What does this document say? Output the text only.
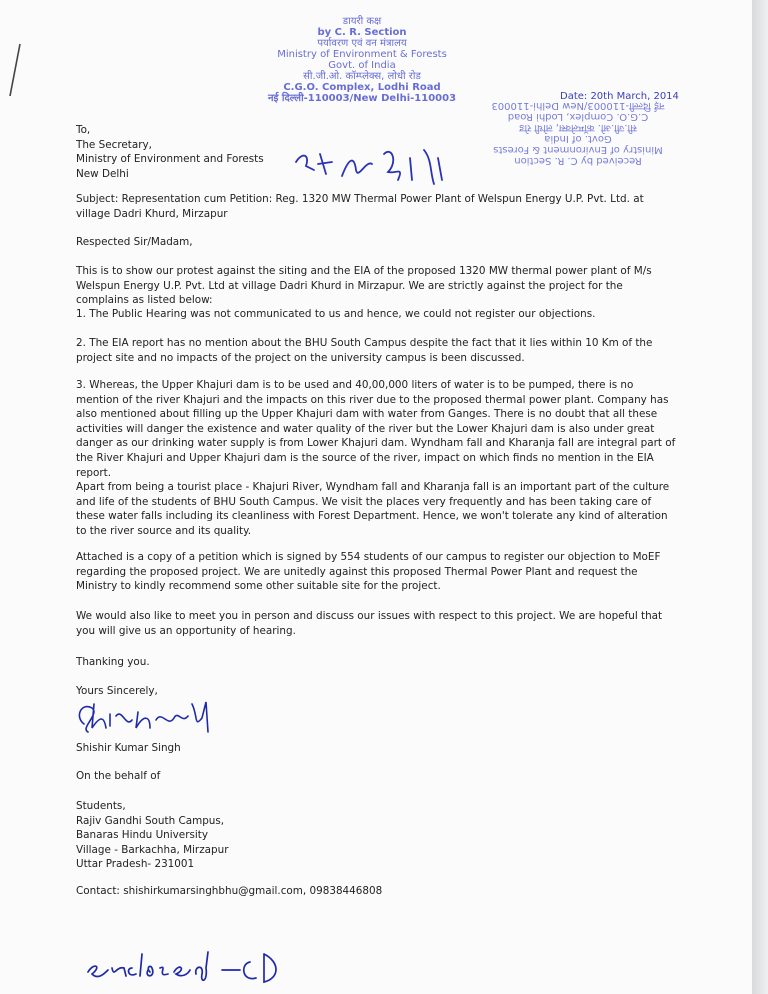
डायरी कक्ष
by C. R. Section
पर्यावरण एवं वन मंत्रालय
Ministry of Environment & Forests
Govt. of India
सी.जी.ओ. कॉम्प्लेक्स, लोधी रोड
C.G.O. Complex, Lodhi Road
नई दिल्ली-110003/New Delhi-110003	Date: 20th March, 2014
Received by C. R. Section
Ministry of Environment & Forests
Govt. of India
सी.जी.ओ. कॉम्प्लेक्स, लोधी रोड
C.G.O. Complex, Lodhi Road
नई दिल्ली-110003/New Delhi-110003

To,

The Secretary,

Ministry of Environment and Forests

New Delhi

Subject: Representation cum Petition: Reg. 1320 MW Thermal Power Plant of Welspun Energy U.P. Pvt. Ltd. at village Dadri Khurd, Mirzapur
Respected Sir/Madam,
This is to show our protest against the siting and the EIA of the proposed 1320 MW thermal power plant of M/s Welspun Energy U.P. Pvt. Ltd at village Dadri Khurd in Mirzapur. We are strictly against the project for the complains as listed below:
1. The Public Hearing was not communicated to us and hence, we could not register our objections.
2. The EIA report has no mention about the BHU South Campus despite the fact that it lies within 10 Km of the project site and no impacts of the project on the university campus is been discussed.
3. Whereas, the Upper Khajuri dam is to be used and 40,00,000 liters of water is to be pumped, there is no mention of the river Khajuri and the impacts on this river due to the proposed thermal power plant. Company has also mentioned about filling up the Upper Khajuri dam with water from Ganges. There is no doubt that all these activities will danger the existence and water quality of the river but the Lower Khajuri dam is also under great danger as our drinking water supply is from Lower Khajuri dam. Wyndham fall and Kharanja fall are integral part of the River Khajuri and Upper Khajuri dam is the source of the river, impact on which finds no mention in the EIA report.
Apart from being a tourist place - Khajuri River, Wyndham fall and Kharanja fall is an important part of the culture and life of the students of BHU South Campus. We visit the places very frequently and has been taking care of these water falls including its cleanliness with Forest Department. Hence, we won't tolerate any kind of alteration to the river source and its quality.
Attached is a copy of a petition which is signed by 554 students of our campus to register our objection to MoEF regarding the proposed project. We are unitedly against this proposed Thermal Power Plant and request the Ministry to kindly recommend some other suitable site for the project.
We would also like to meet you in person and discuss our issues with respect to this project. We are hopeful that you will give us an opportunity of hearing.
Thanking you.
Yours Sincerely,
Shishir Kumar Singh
On the behalf of

Students,

Rajiv Gandhi South Campus,

Banaras Hindu University

Village - Barkachha, Mirzapur

Uttar Pradesh- 231001

Contact: shishirkumarsinghbhu@gmail.com, 09838446808
